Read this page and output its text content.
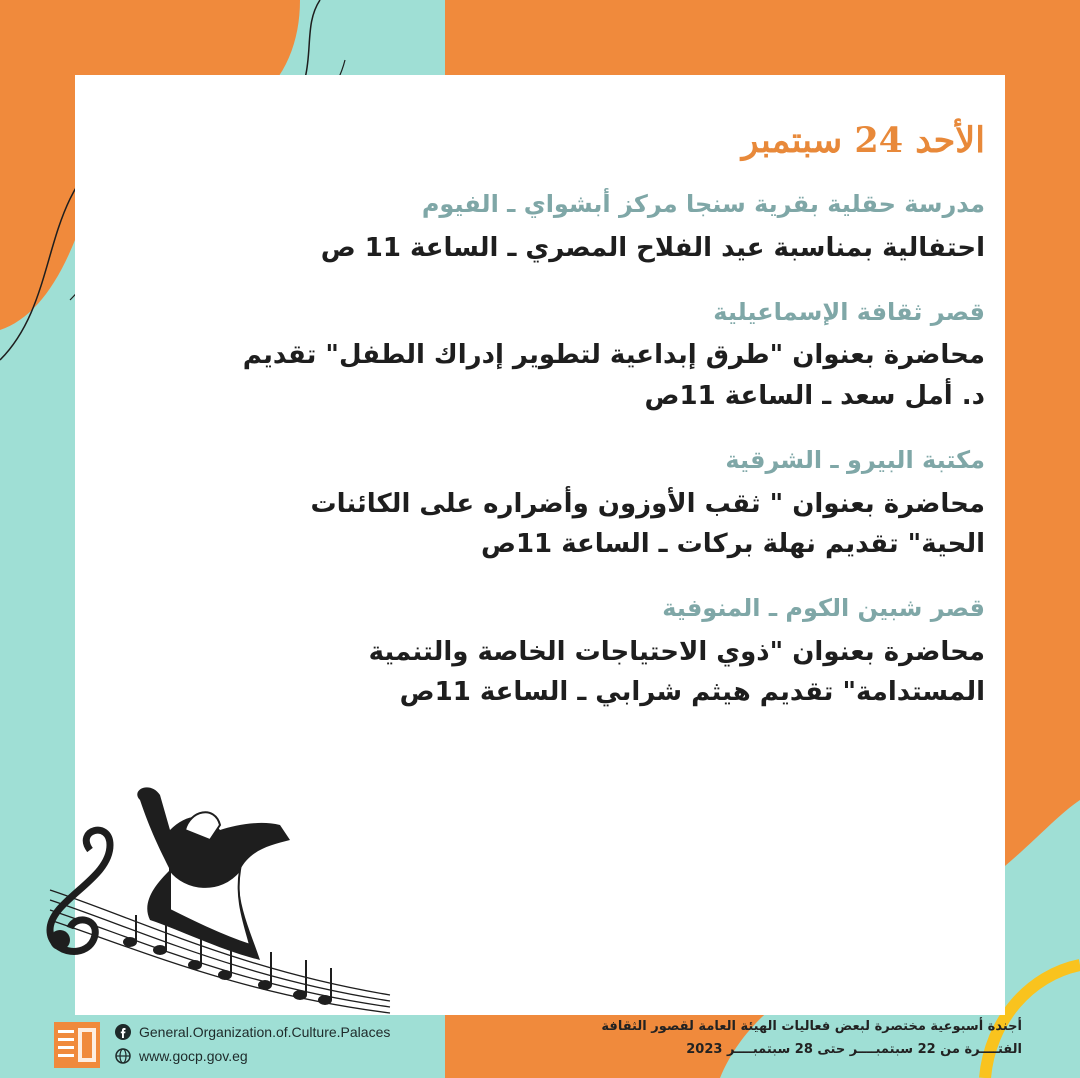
الأحد 24 سبتمبر
مدرسة حقلية بقرية سنجا مركز أبشواي ـ الفيوم
احتفالية بمناسبة عيد الفلاح المصري ـ الساعة 11 ص
قصر ثقافة الإسماعيلية
محاضرة بعنوان "طرق إبداعية لتطوير إدراك الطفل" تقديم
د. أمل سعد ـ الساعة 11ص
مكتبة البيرو ـ الشرقية
محاضرة بعنوان " ثقب الأوزون وأضراره على الكائنات
الحية" تقديم نهلة بركات ـ الساعة 11ص
قصر شبين الكوم ـ المنوفية
محاضرة بعنوان "ذوي الاحتياجات الخاصة والتنمية
المستدامة" تقديم هيثم شرابي ـ الساعة 11ص
General.Organization.of.Culture.Palaces
www.gocp.gov.eg
أجندة أسبوعية مختصرة لبعض فعاليات الهيئة العامة لقصور الثقافة
الفتــــرة من 22 سبتمبــــر حتى 28 سبتمبــــر 2023
